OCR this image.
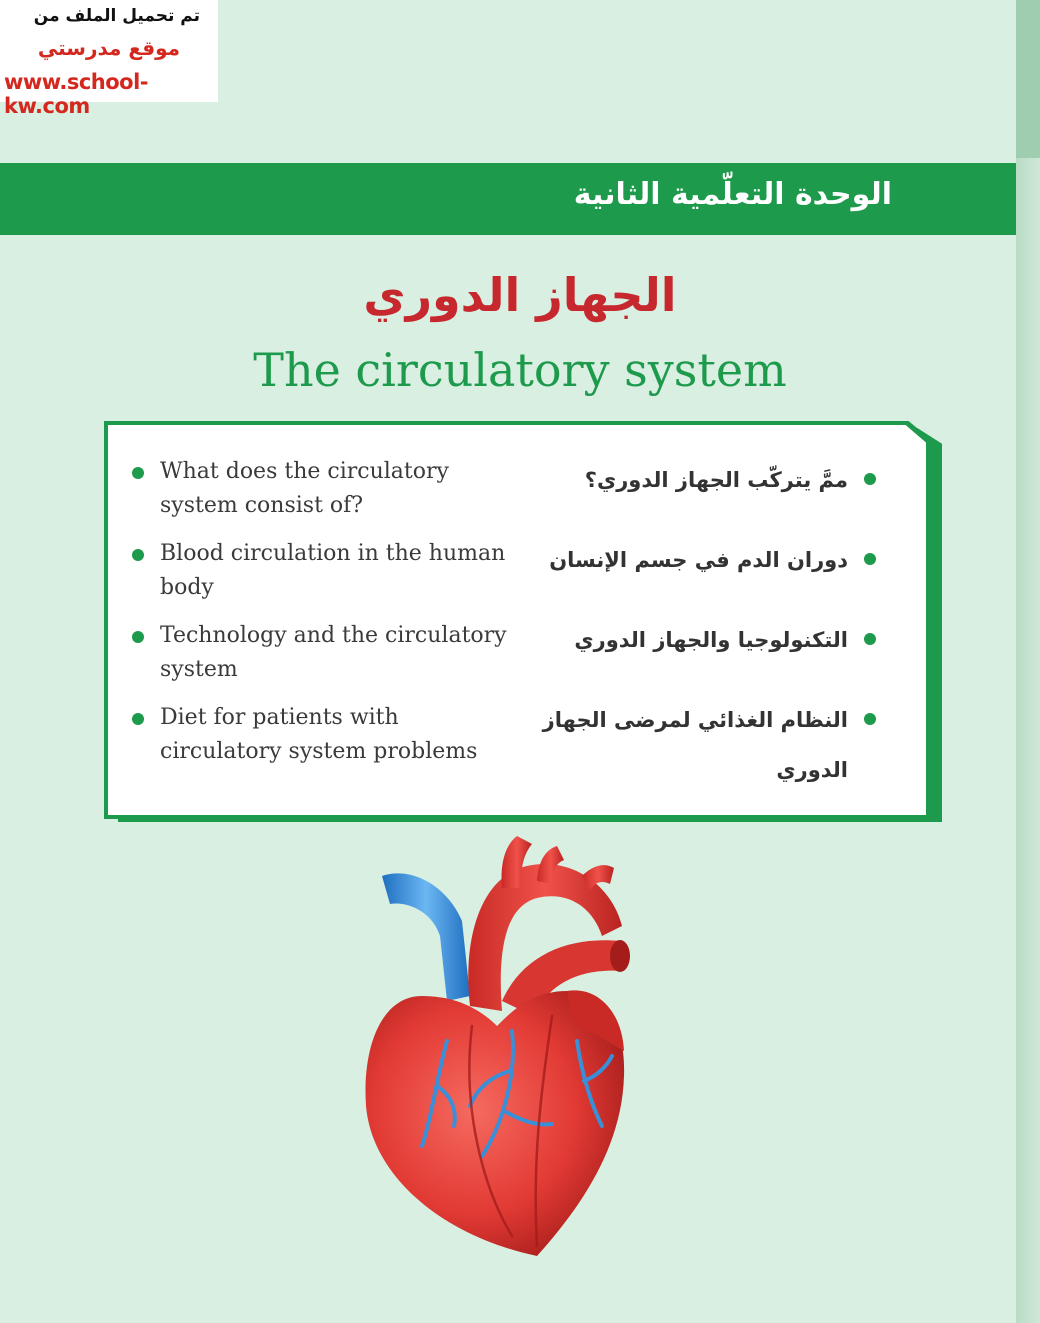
تم تحميل الملف من
موقع مدرستي
www.school-kw.com
الوحدة التعلّمية الثانية
الجهاز الدوري
The circulatory system
What does the circulatory system consist of?
Blood circulation in the human body
Technology and the circulatory system
Diet for patients with circulatory system problems
ممَّ يتركّب الجهاز الدوري؟
دوران الدم في جسم الإنسان
التكنولوجيا والجهاز الدوري
النظام الغذائي لمرضى الجهاز الدوري
